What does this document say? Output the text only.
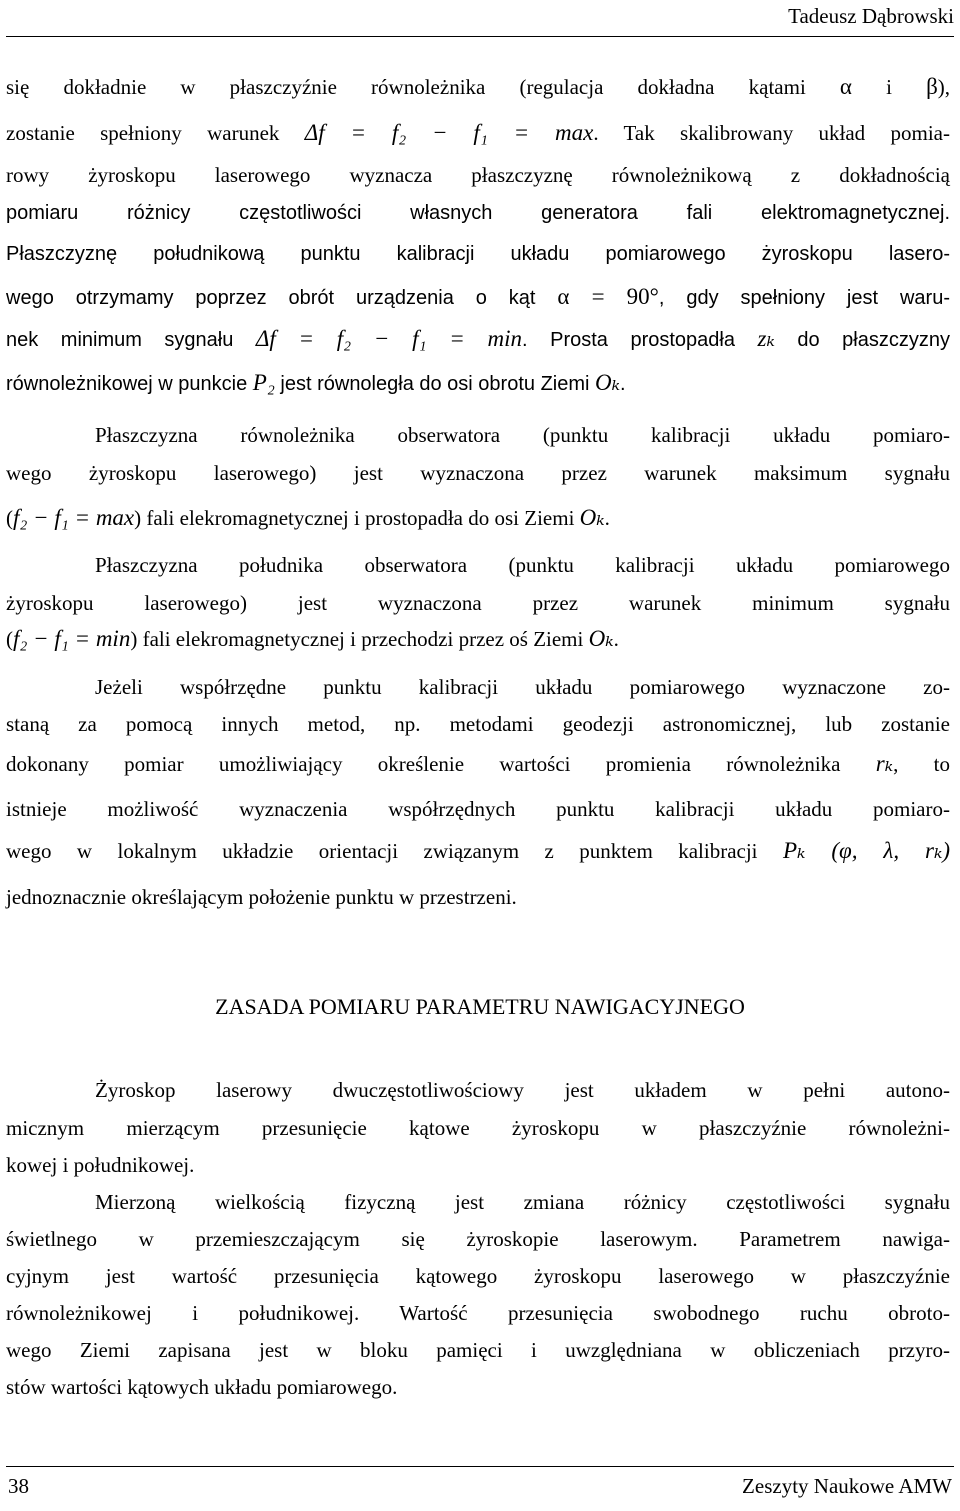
Tadeusz Dąbrowski
się dokładnie w płaszczyźnie równoleżnika (regulacja dokładna kątami α i β),
zostanie spełniony warunek Δf = f₂ − f₁ = max. Tak skalibrowany układ pomia-
rowy żyroskopu laserowego wyznacza płaszczyznę równoleżnikową z dokładnością
pomiaru różnicy częstotliwości własnych generatora fali elektromagnetycznej.
Płaszczyznę południkową punktu kalibracji układu pomiarowego żyroskopu lasero-
wego otrzymamy poprzez obrót urządzenia o kąt α = 90°, gdy spełniony jest waru-
nek minimum sygnału Δf = f₂ − f₁ = min. Prosta prostopadła zₖ do płaszczyzny
równoleżnikowej w punkcie P₂ jest równoległa do osi obrotu Ziemi Oₖ.
Płaszczyzna równoleżnika obserwatora (punktu kalibracji układu pomiaro-
wego żyroskopu laserowego) jest wyznaczona przez warunek maksimum sygnału
(f₂ − f₁ = max) fali elekromagnetycznej i prostopadła do osi Ziemi Oₖ.
Płaszczyzna południka obserwatora (punktu kalibracji układu pomiarowego
żyroskopu laserowego) jest wyznaczona przez warunek minimum sygnału
(f₂ − f₁ = min) fali elekromagnetycznej i przechodzi przez oś Ziemi Oₖ.
Jeżeli współrzędne punktu kalibracji układu pomiarowego wyznaczone zo-
staną za pomocą innych metod, np. metodami geodezji astronomicznej, lub zostanie
dokonany pomiar umożliwiający określenie wartości promienia równoleżnika rₖ, to
istnieje możliwość wyznaczenia współrzędnych punktu kalibracji układu pomiaro-
wego w lokalnym układzie orientacji związanym z punktem kalibracji Pₖ (φ, λ, rₖ)
jednoznacznie określającym położenie punktu w przestrzeni.
ZASADA POMIARU PARAMETRU NAWIGACYJNEGO
Żyroskop laserowy dwuczęstotliwościowy jest układem w pełni autono-
micznym mierzącym przesunięcie kątowe żyroskopu w płaszczyźnie równoleżni-
kowej i południkowej.
Mierzoną wielkością fizyczną jest zmiana różnicy częstotliwości sygnału
świetlnego w przemieszczającym się żyroskopie laserowym. Parametrem nawiga-
cyjnym jest wartość przesunięcia kątowego żyroskopu laserowego w płaszczyźnie
równoleżnikowej i południkowej. Wartość przesunięcia swobodnego ruchu obroto-
wego Ziemi zapisana jest w bloku pamięci i uwzględniana w obliczeniach przyro-
stów wartości kątowych układu pomiarowego.
38	Zeszyty Naukowe AMW
